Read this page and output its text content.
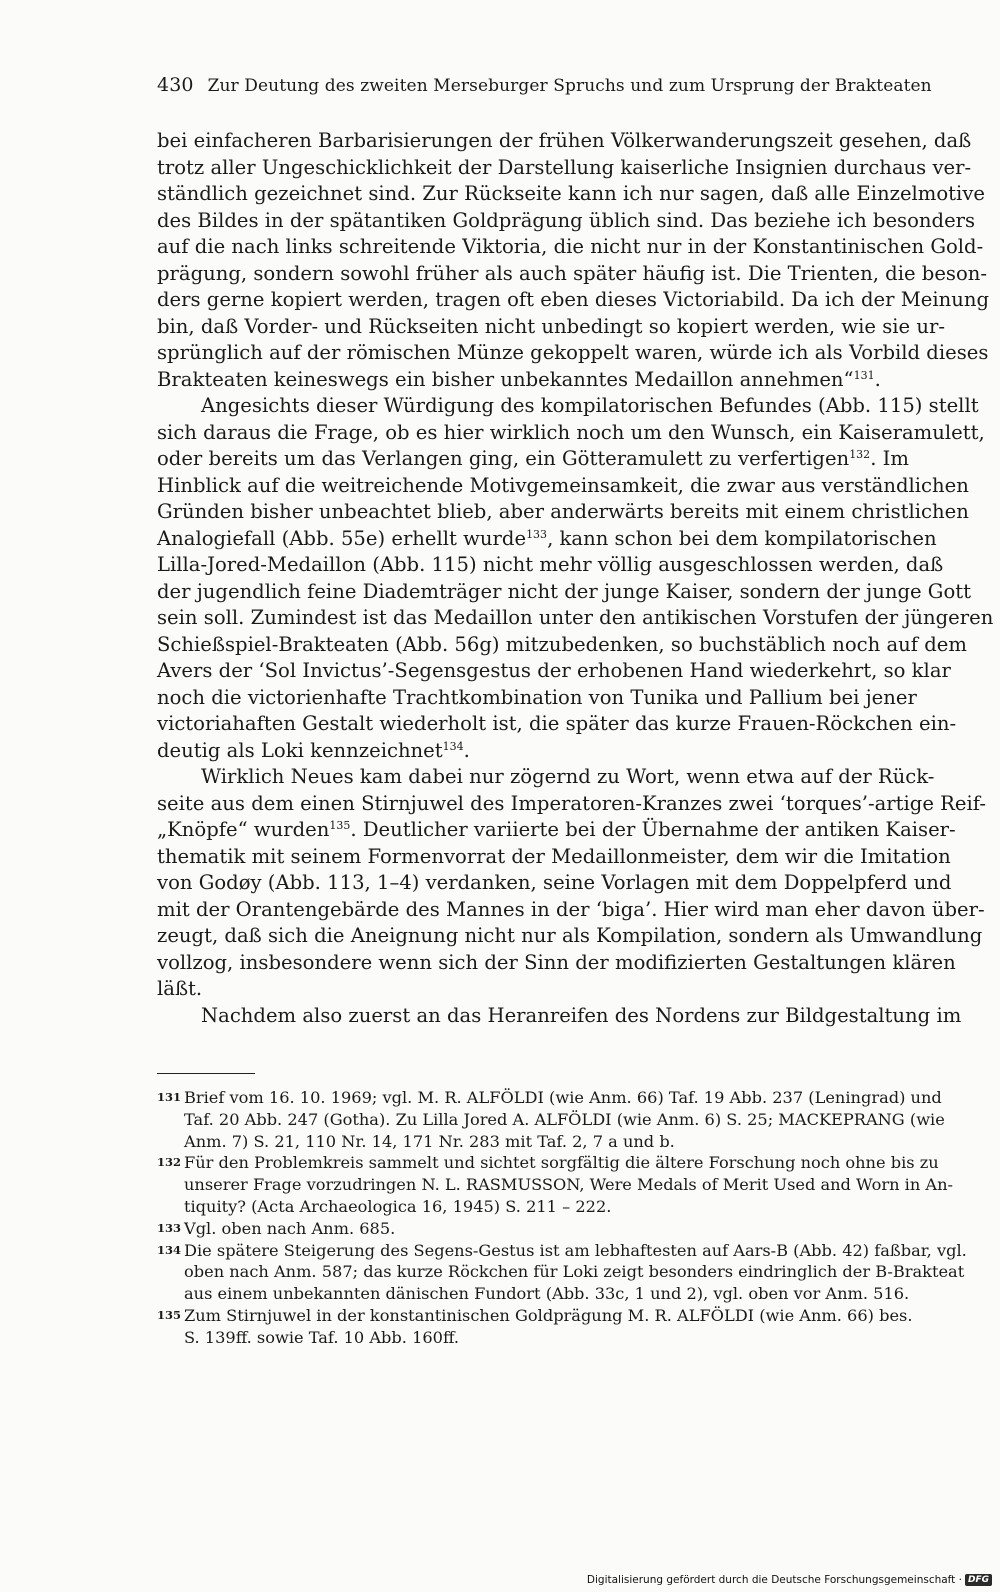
430 Zur Deutung des zweiten Merseburger Spruchs und zum Ursprung der Brakteaten
bei einfacheren Barbarisierungen der frühen Völkerwanderungszeit gesehen, daß
trotz aller Ungeschicklichkeit der Darstellung kaiserliche Insignien durchaus ver-
ständlich gezeichnet sind. Zur Rückseite kann ich nur sagen, daß alle Einzelmotive
des Bildes in der spätantiken Goldprägung üblich sind. Das beziehe ich besonders
auf die nach links schreitende Viktoria, die nicht nur in der Konstantinischen Gold-
prägung, sondern sowohl früher als auch später häufig ist. Die Trienten, die beson-
ders gerne kopiert werden, tragen oft eben dieses Victoriabild. Da ich der Meinung
bin, daß Vorder- und Rückseiten nicht unbedingt so kopiert werden, wie sie ur-
sprünglich auf der römischen Münze gekoppelt waren, würde ich als Vorbild dieses
Brakteaten keineswegs ein bisher unbekanntes Medaillon annehmen“$^{131}$.
Angesichts dieser Würdigung des kompilatorischen Befundes (Abb. 115) stellt
sich daraus die Frage, ob es hier wirklich noch um den Wunsch, ein Kaiseramulett,
oder bereits um das Verlangen ging, ein Götteramulett zu verfertigen$^{132}$. Im
Hinblick auf die weitreichende Motivgemeinsamkeit, die zwar aus verständlichen
Gründen bisher unbeachtet blieb, aber anderwärts bereits mit einem christlichen
Analogiefall (Abb. 55e) erhellt wurde$^{133}$, kann schon bei dem kompilatorischen
Lilla-Jored-Medaillon (Abb. 115) nicht mehr völlig ausgeschlossen werden, daß
der jugendlich feine Diademträger nicht der junge Kaiser, sondern der junge Gott
sein soll. Zumindest ist das Medaillon unter den antikischen Vorstufen der jüngeren
Schießspiel-Brakteaten (Abb. 56g) mitzubedenken, so buchstäblich noch auf dem
Avers der ‘Sol Invictus’-Segensgestus der erhobenen Hand wiederkehrt, so klar
noch die victorienhafte Trachtkombination von Tunika und Pallium bei jener
victoriahaften Gestalt wiederholt ist, die später das kurze Frauen-Röckchen ein-
deutig als Loki kennzeichnet$^{134}$.
Wirklich Neues kam dabei nur zögernd zu Wort, wenn etwa auf der Rück-
seite aus dem einen Stirnjuwel des Imperatoren-Kranzes zwei ‘torques’-artige Reif-
„Knöpfe“ wurden$^{135}$. Deutlicher variierte bei der Übernahme der antiken Kaiser-
thematik mit seinem Formenvorrat der Medaillonmeister, dem wir die Imitation
von Godøy (Abb. 113, 1–4) verdanken, seine Vorlagen mit dem Doppelpferd und
mit der Orantengebärde des Mannes in der ‘biga’. Hier wird man eher davon über-
zeugt, daß sich die Aneignung nicht nur als Kompilation, sondern als Umwandlung
vollzog, insbesondere wenn sich der Sinn der modifizierten Gestaltungen klären
läßt.
Nachdem also zuerst an das Heranreifen des Nordens zur Bildgestaltung im
131 Brief vom 16. 10. 1969; vgl. M. R. ALFÖLDI (wie Anm. 66) Taf. 19 Abb. 237 (Leningrad) und
Taf. 20 Abb. 247 (Gotha). Zu Lilla Jored A. ALFÖLDI (wie Anm. 6) S. 25; MACKEPRANG (wie
Anm. 7) S. 21, 110 Nr. 14, 171 Nr. 283 mit Taf. 2, 7 a und b.
132 Für den Problemkreis sammelt und sichtet sorgfältig die ältere Forschung noch ohne bis zu
unserer Frage vorzudringen N. L. RASMUSSON, Were Medals of Merit Used and Worn in An-
tiquity? (Acta Archaeologica 16, 1945) S. 211 – 222.
133 Vgl. oben nach Anm. 685.
134 Die spätere Steigerung des Segens-Gestus ist am lebhaftesten auf Aars-B (Abb. 42) faßbar, vgl.
oben nach Anm. 587; das kurze Röckchen für Loki zeigt besonders eindringlich der B-Brakteat
aus einem unbekannten dänischen Fundort (Abb. 33c, 1 und 2), vgl. oben vor Anm. 516.
135 Zum Stirnjuwel in der konstantinischen Goldprägung M. R. ALFÖLDI (wie Anm. 66) bes.
S. 139ff. sowie Taf. 10 Abb. 160ff.
Digitalisierung gefördert durch die Deutsche Forschungsgemeinschaft · DFG
